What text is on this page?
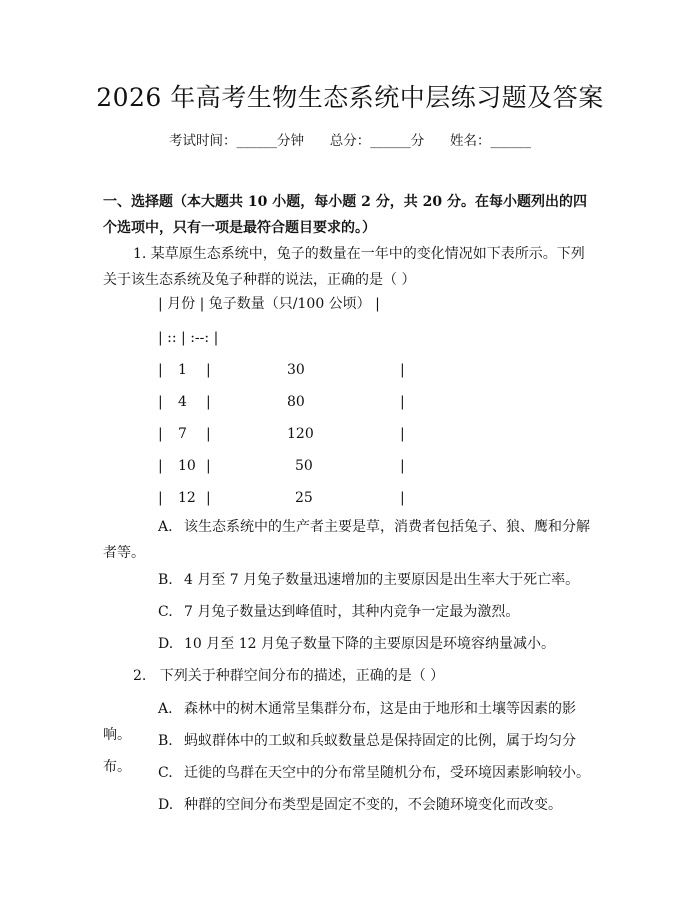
2026 年高考生物生态系统中层练习题及答案
考试时间：______分钟      总分：______分      姓名：______
一、选择题（本大题共 10 小题，每小题 2 分，共 20 分。在每小题列出的四个选项中，只有一项是最符合题目要求的。）
1. 某草原生态系统中，兔子的数量在一年中的变化情况如下表所示。下列关于该生态系统及兔子种群的说法，正确的是（ ）
| 月份 | 兔子数量（只/100 公顷） |
| :: | :--: |
| 1 |	30	|
| 4 |	80	|
| 7 |	120	|
| 10 |	50	|
| 12 |	25	|
A. 该生态系统中的生产者主要是草，消费者包括兔子、狼、鹰和分解者等。
B. 4 月至 7 月兔子数量迅速增加的主要原因是出生率大于死亡率。
C. 7 月兔子数量达到峰值时，其种内竞争一定最为激烈。
D. 10 月至 12 月兔子数量下降的主要原因是环境容纳量减小。
2.   下列关于种群空间分布的描述，正确的是（ ）
A. 森林中的树木通常呈集群分布，这是由于地形和土壤等因素的影响。	B. 蚂蚁群体中的工蚁和兵蚁数量总是保持固定的比例，属于均匀分布。	C. 迁徙的鸟群在天空中的分布常呈随机分布，受环境因素影响较小。
D. 种群的空间分布类型是固定不变的，不会随环境变化而改变。
